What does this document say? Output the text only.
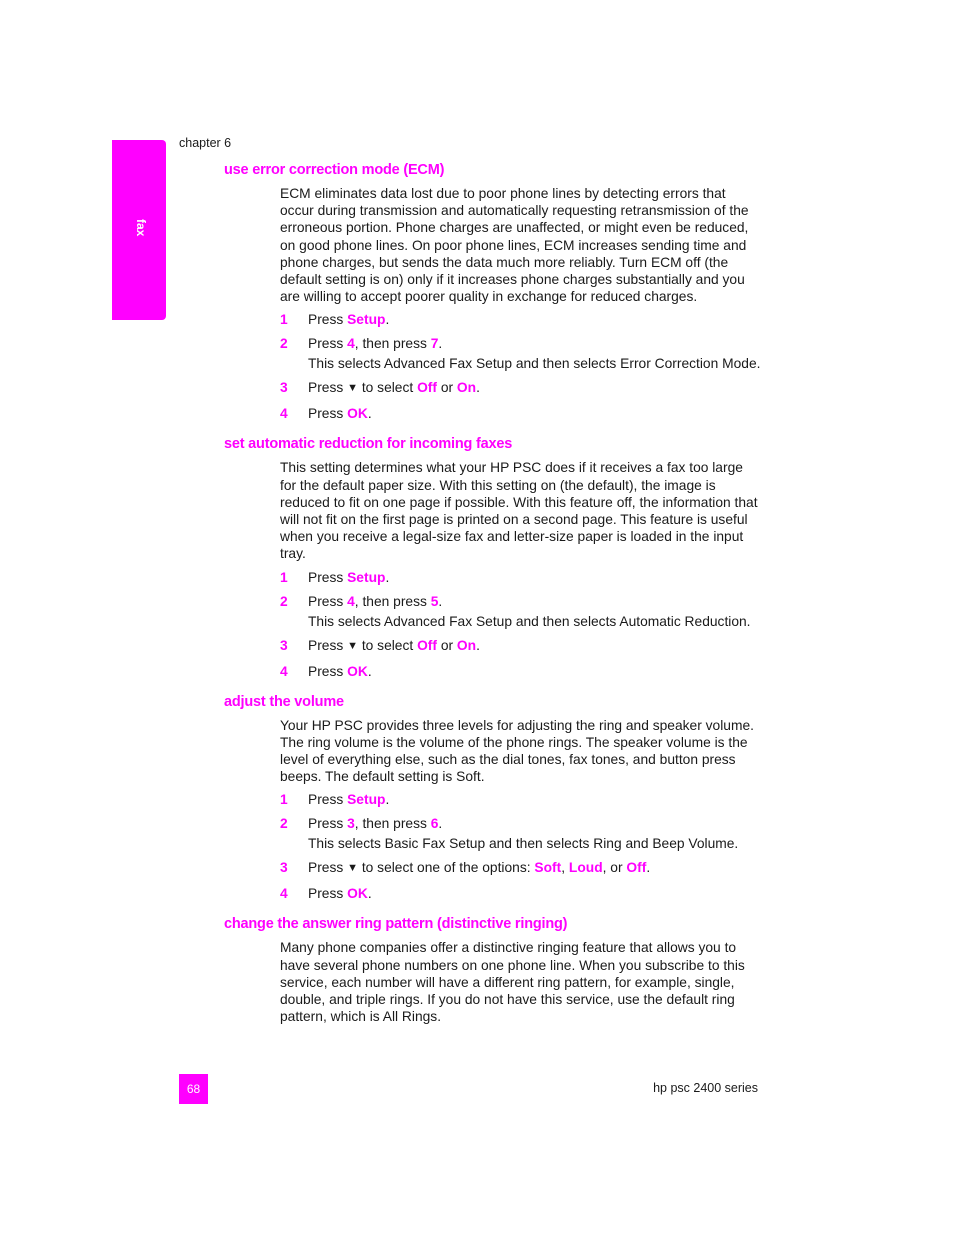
fax
chapter 6
use error correction mode (ECM)

ECM eliminates data lost due to poor phone lines by detecting errors that occur during transmission and automatically requesting retransmission of the erroneous portion. Phone charges are unaffected, or might even be reduced, on good phone lines. On poor phone lines, ECM increases sending time and phone charges, but sends the data much more reliably. Turn ECM off (the default setting is on) only if it increases phone charges substantially and you are willing to accept poorer quality in exchange for reduced charges.

1	Press Setup.
2	Press 4, then press 7.
This selects Advanced Fax Setup and then selects Error Correction Mode.
3	Press ▼ to select Off or On.
4	Press OK.
set automatic reduction for incoming faxes

This setting determines what your HP PSC does if it receives a fax too large for the default paper size. With this setting on (the default), the image is reduced to fit on one page if possible. With this feature off, the information that will not fit on the first page is printed on a second page. This feature is useful when you receive a legal-size fax and letter-size paper is loaded in the input tray.

1	Press Setup.
2	Press 4, then press 5.
This selects Advanced Fax Setup and then selects Automatic Reduction.
3	Press ▼ to select Off or On.
4	Press OK.
adjust the volume

Your HP PSC provides three levels for adjusting the ring and speaker volume. The ring volume is the volume of the phone rings. The speaker volume is the level of everything else, such as the dial tones, fax tones, and button press beeps. The default setting is Soft.

1	Press Setup.
2	Press 3, then press 6.
This selects Basic Fax Setup and then selects Ring and Beep Volume.
3	Press ▼ to select one of the options: Soft, Loud, or Off.
4	Press OK.
change the answer ring pattern (distinctive ringing)

Many phone companies offer a distinctive ringing feature that allows you to have several phone numbers on one phone line. When you subscribe to this service, each number will have a different ring pattern, for example, single, double, and triple rings. If you do not have this service, use the default ring pattern, which is All Rings.

68	hp psc 2400 series
